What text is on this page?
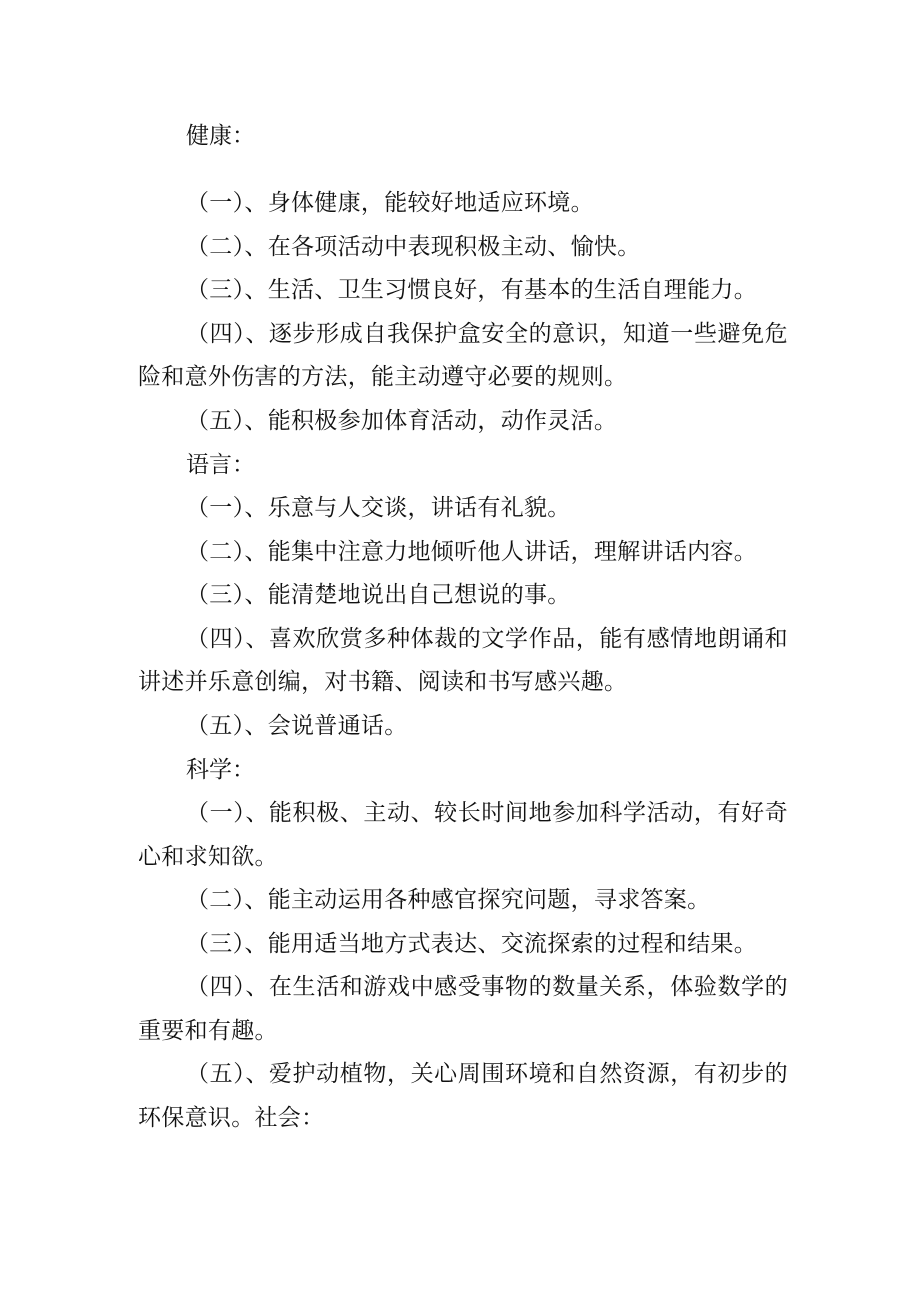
健康：

（一）、身体健康，能较好地适应环境。

（二）、在各项活动中表现积极主动、愉快。

（三）、生活、卫生习惯良好，有基本的生活自理能力。

（四）、逐步形成自我保护盒安全的意识，知道一些避免危险和意外伤害的方法，能主动遵守必要的规则。

（五）、能积极参加体育活动，动作灵活。

语言：

（一）、乐意与人交谈，讲话有礼貌。

（二）、能集中注意力地倾听他人讲话，理解讲话内容。

（三）、能清楚地说出自己想说的事。

（四）、喜欢欣赏多种体裁的文学作品，能有感情地朗诵和讲述并乐意创编，对书籍、阅读和书写感兴趣。

（五）、会说普通话。

科学：

（一）、能积极、主动、较长时间地参加科学活动，有好奇心和求知欲。

（二）、能主动运用各种感官探究问题，寻求答案。

（三）、能用适当地方式表达、交流探索的过程和结果。

（四）、在生活和游戏中感受事物的数量关系，体验数学的重要和有趣。

（五）、爱护动植物，关心周围环境和自然资源，有初步的环保意识。社会：
